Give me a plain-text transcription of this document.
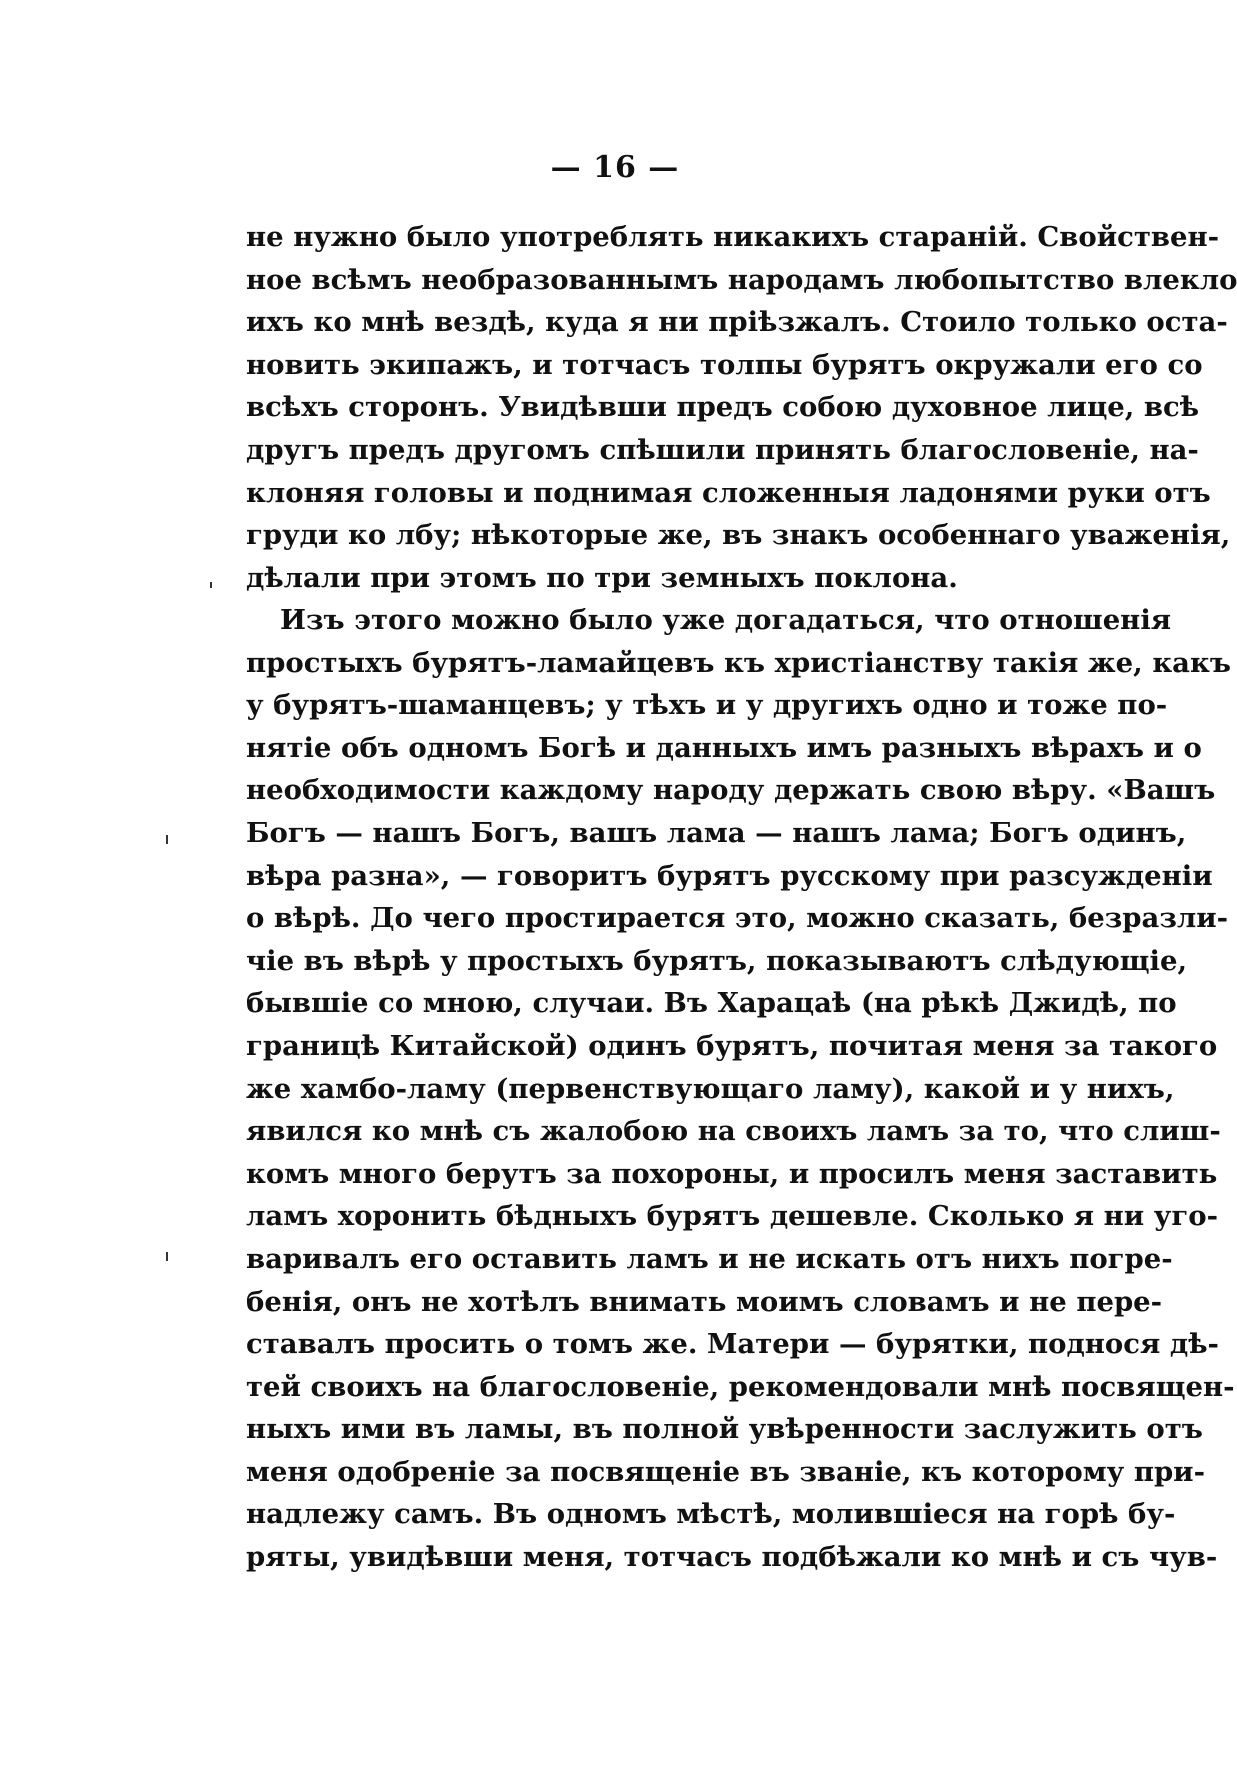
— 16 —
не нужно было употреблять никакихъ стараній. Свойствен-
ное всѣмъ необразованнымъ народамъ любопытство влекло
ихъ ко мнѣ вездѣ, куда я ни пріѣзжалъ. Стоило только оста-
новить экипажъ, и тотчасъ толпы бурятъ окружали его со
всѣхъ сторонъ. Увидѣвши предъ собою духовное лице, всѣ
другъ предъ другомъ спѣшили принять благословеніе, на-
клоняя головы и поднимая сложенныя ладонями руки отъ
груди ко лбу; нѣкоторые же, въ знакъ особеннаго уваженія,
дѣлали при этомъ по три земныхъ поклона.
Изъ этого можно было уже догадаться, что отношенія
простыхъ бурятъ-ламайцевъ къ христіанству такія же, какъ
у бурятъ-шаманцевъ; у тѣхъ и у другихъ одно и тоже по-
нятіе объ одномъ Богѣ и данныхъ имъ разныхъ вѣрахъ и о
необходимости каждому народу держать свою вѣру. «Вашъ
Богъ — нашъ Богъ, вашъ лама — нашъ лама; Богъ одинъ,
вѣра разна», — говоритъ бурятъ русскому при разсужденіи
о вѣрѣ. До чего простирается это, можно сказать, безразли-
чіе въ вѣрѣ у простыхъ бурятъ, показываютъ слѣдующіе,
бывшіе со мною, случаи. Въ Харацаѣ (на рѣкѣ Джидѣ, по
границѣ Китайской) одинъ бурятъ, почитая меня за такого
же хамбо-ламу (первенствующаго ламу), какой и у нихъ,
явился ко мнѣ съ жалобою на своихъ ламъ за то, что слиш-
комъ много берутъ за похороны, и просилъ меня заставить
ламъ хоронить бѣдныхъ бурятъ дешевле. Сколько я ни уго-
варивалъ его оставить ламъ и не искать отъ нихъ погре-
бенія, онъ не хотѣлъ внимать моимъ словамъ и не пере-
ставалъ просить о томъ же. Матери — бурятки, поднося дѣ-
тей своихъ на благословеніе, рекомендовали мнѣ посвящен-
ныхъ ими въ ламы, въ полной увѣренности заслужить отъ
меня одобреніе за посвященіе въ званіе, къ которому при-
надлежу самъ. Въ одномъ мѣстѣ, молившіеся на горѣ бу-
ряты, увидѣвши меня, тотчасъ подбѣжали ко мнѣ и съ чув-
